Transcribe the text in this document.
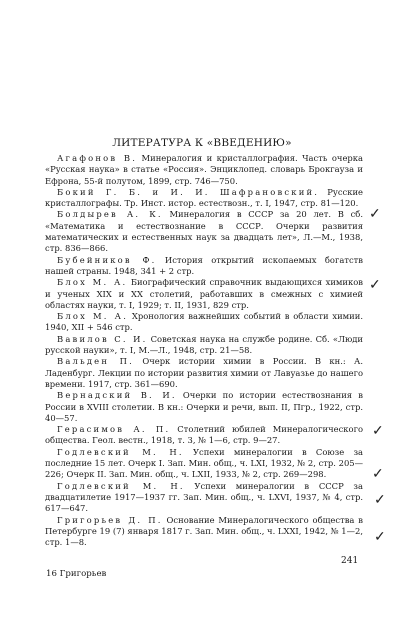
ЛИТЕРАТУРА К «ВВЕДЕНИЮ»
Агафонов В. Минералогия и кристаллография. Часть очерка «Русская наука» в статье «Россия». Энциклопед. словарь Брокгауза и Ефрона, 55-й полутом, 1899, стр. 746—750.
Бокий Г. Б. и И. И. Шафрановский. Русские кристаллографы. Тр. Инст. истор. естествозн., т. I, 1947, стр. 81—120.
Болдырев А. К. Минералогия в СССР за 20 лет. В сб. «Математика и естествознание в СССР. Очерки развития математических и естественных наук за двадцать лет», Л.—М., 1938, стр. 836—866.
Бубейников Ф. История открытий ископаемых богатств нашей страны. 1948, 341 + 2 стр.
Блох М. А. Биографический справочник выдающихся химиков и ученых XIX и XX столетий, работавших в смежных с химией областях науки, т. I, 1929; т. II, 1931, 829 стр.
Блох М. А. Хронология важнейших событий в области химии. 1940, XII + 546 стр.
Вавилов С. И. Советская наука на службе родине. Сб. «Люди русской науки», т. I, М.—Л., 1948, стр. 21—58.
Вальден П. Очерк истории химии в России. В кн.: А. Ладенбург. Лекции по истории развития химии от Лавуазье до нашего времени. 1917, стр. 361—690.
Вернадский В. И. Очерки по истории естествознания в России в XVIII столетии. В кн.: Очерки и речи, вып. II, Пгр., 1922, стр. 40—57.
Герасимов А. П. Столетний юбилей Минералогического общества. Геол. вестн., 1918, т. 3, № 1—6, стр. 9—27.
Годлевский М. Н. Успехи минералогии в Союзе за последние 15 лет. Очерк I. Зап. Мин. общ., ч. LXI, 1932, № 2, стр. 205—226; Очерк II. Зап. Мин. общ., ч. LXII, 1933, № 2, стр. 269—298.
Годлевский М. Н. Успехи минералогии в СССР за двадцатилетие 1917—1937 гг. Зап. Мин. общ., ч. LXVI, 1937, № 4, стр. 617—647.
Григорьев Д. П. Основание Минералогического общества в Петербурге 19 (7) января 1817 г. Зап. Мин. общ., ч. LXXI, 1942, № 1—2, стр. 1—8.
✓
✓
✓
✓
✓
✓
241
16 Григорьев
